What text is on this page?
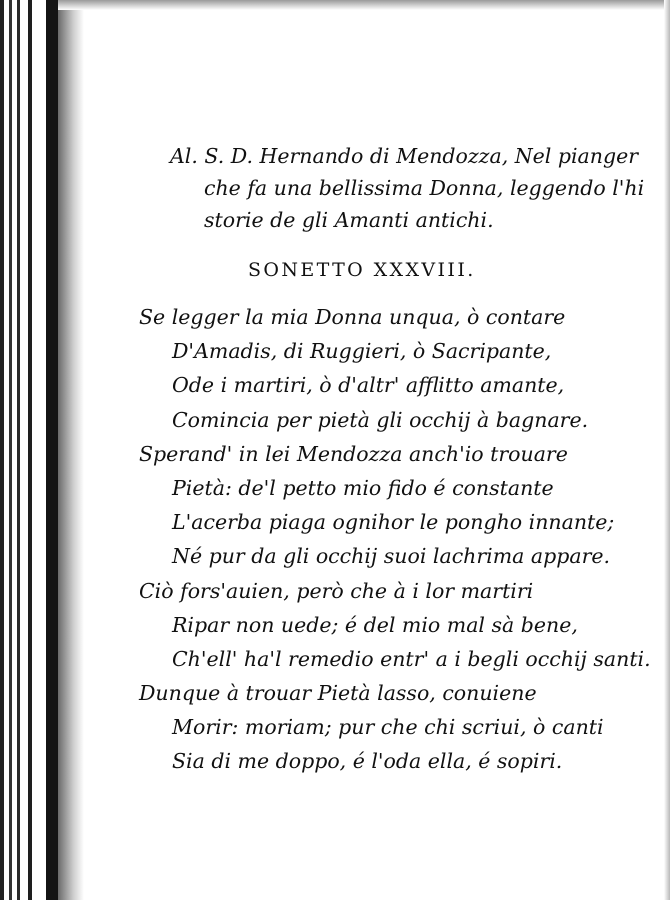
Al. S. D. Hernando di Mendozza, Nel pianger
che fa una bellissima Donna, leggendo l'hi
storie de gli Amanti antichi.
SONETTO XXXVIII.
Se legger la mia Donna unqua, ò contare
D'Amadis, di Ruggieri, ò Sacripante,
Ode i martiri, ò d'altr' afflitto amante,
Comincia per pietà gli occhij à bagnare.
Sperand' in lei Mendozza anch'io trouare
Pietà: de'l petto mio fido é constante
L'acerba piaga ognihor le pongho innante;
Né pur da gli occhij suoi lachrima appare.
Ciò fors'auien, però che à i lor martiri
Ripar non uede; é del mio mal sà bene,
Ch'ell' ha'l remedio entr' a i begli occhij santi.
Dunque à trouar Pietà lasso, conuiene
Morir: moriam; pur che chi scriui, ò canti
Sia di me doppo, é l'oda ella, é sopiri.
